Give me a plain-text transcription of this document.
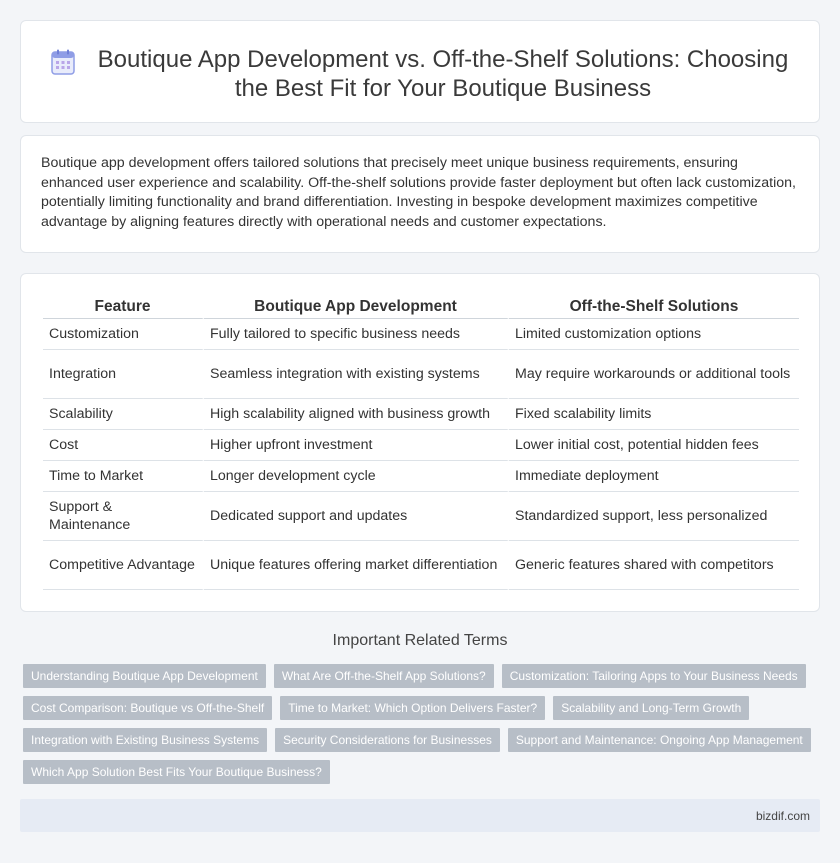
Boutique App Development vs. Off-the-Shelf Solutions: Choosing the Best Fit for Your Boutique Business

Boutique app development offers tailored solutions that precisely meet unique business requirements, ensuring enhanced user experience and scalability. Off-the-shelf solutions provide faster deployment but often lack customization, potentially limiting functionality and brand differentiation. Investing in bespoke development maximizes competitive advantage by aligning features directly with operational needs and customer expectations.

Feature	Boutique App Development	Off-the-Shelf Solutions
Customization	Fully tailored to specific business needs	Limited customization options
Integration	Seamless integration with existing systems	May require workarounds or additional tools
Scalability	High scalability aligned with business growth	Fixed scalability limits
Cost	Higher upfront investment	Lower initial cost, potential hidden fees
Time to Market	Longer development cycle	Immediate deployment
Support & Maintenance	Dedicated support and updates	Standardized support, less personalized
Competitive Advantage	Unique features offering market differentiation	Generic features shared with competitors
Important Related Terms
Understanding Boutique App Development	What Are Off-the-Shelf App Solutions?	Customization: Tailoring Apps to Your Business Needs
Cost Comparison: Boutique vs Off-the-Shelf	Time to Market: Which Option Delivers Faster?	Scalability and Long-Term Growth
Integration with Existing Business Systems	Security Considerations for Businesses	Support and Maintenance: Ongoing App Management
Which App Solution Best Fits Your Boutique Business?
bizdif.com
